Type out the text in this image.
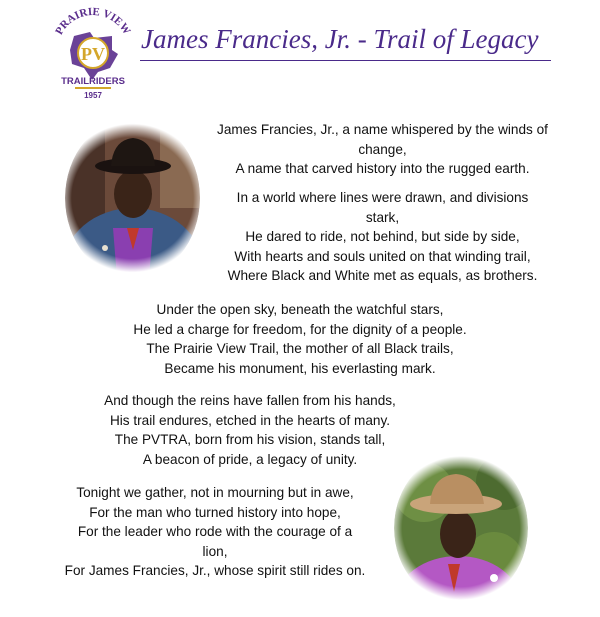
PRAIRIE VIEW
PV
TRAILRIDERS
1957
James Francies, Jr. - Trail of Legacy
James Francies, Jr., a name whispered by the winds of
change,
A name that carved history into the rugged earth.
In a world where lines were drawn, and divisions
stark,
He dared to ride, not behind, but side by side,
With hearts and souls united on that winding trail,
Where Black and White met as equals, as brothers.
Under the open sky, beneath the watchful stars,
He led a charge for freedom, for the dignity of a people.
The Prairie View Trail, the mother of all Black trails,
Became his monument, his everlasting mark.
And though the reins have fallen from his hands,
His trail endures, etched in the hearts of many.
The PVTRA, born from his vision, stands tall,
A beacon of pride, a legacy of unity.
Tonight we gather, not in mourning but in awe,
For the man who turned history into hope,
For the leader who rode with the courage of a
lion,
For James Francies, Jr., whose spirit still rides on.
